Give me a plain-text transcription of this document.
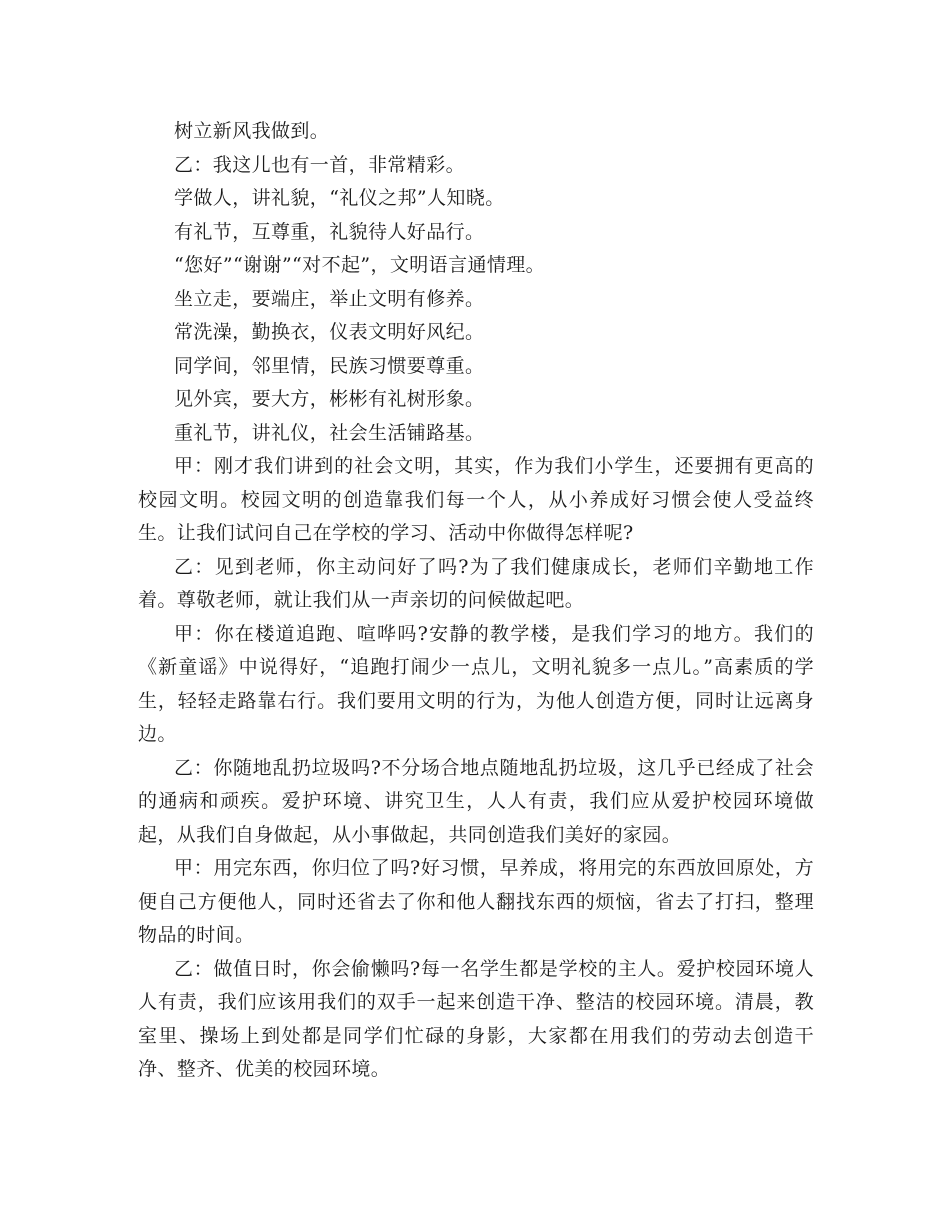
树立新风我做到。

乙：我这儿也有一首，非常精彩。

学做人，讲礼貌，“礼仪之邦”人知晓。

有礼节，互尊重，礼貌待人好品行。

“您好”“谢谢”“对不起”，文明语言通情理。

坐立走，要端庄，举止文明有修养。

常洗澡，勤换衣，仪表文明好风纪。

同学间，邻里情，民族习惯要尊重。

见外宾，要大方，彬彬有礼树形象。

重礼节，讲礼仪，社会生活铺路基。

甲：刚才我们讲到的社会文明，其实，作为我们小学生，还要拥有更高的校园文明。校园文明的创造靠我们每一个人，从小养成好习惯会使人受益终生。让我们试问自己在学校的学习、活动中你做得怎样呢?

乙：见到老师，你主动问好了吗?为了我们健康成长，老师们辛勤地工作着。尊敬老师，就让我们从一声亲切的问候做起吧。

甲：你在楼道追跑、喧哗吗?安静的教学楼，是我们学习的地方。我们的《新童谣》中说得好，“追跑打闹少一点儿，文明礼貌多一点儿。”高素质的学生，轻轻走路靠右行。我们要用文明的行为，为他人创造方便，同时让远离身边。

乙：你随地乱扔垃圾吗?不分场合地点随地乱扔垃圾，这几乎已经成了社会的通病和顽疾。爱护环境、讲究卫生，人人有责，我们应从爱护校园环境做起，从我们自身做起，从小事做起，共同创造我们美好的家园。

甲：用完东西，你归位了吗?好习惯，早养成，将用完的东西放回原处，方便自己方便他人，同时还省去了你和他人翻找东西的烦恼，省去了打扫，整理物品的时间。

乙：做值日时，你会偷懒吗?每一名学生都是学校的主人。爱护校园环境人人有责，我们应该用我们的双手一起来创造干净、整洁的校园环境。清晨，教室里、操场上到处都是同学们忙碌的身影，大家都在用我们的劳动去创造干净、整齐、优美的校园环境。
